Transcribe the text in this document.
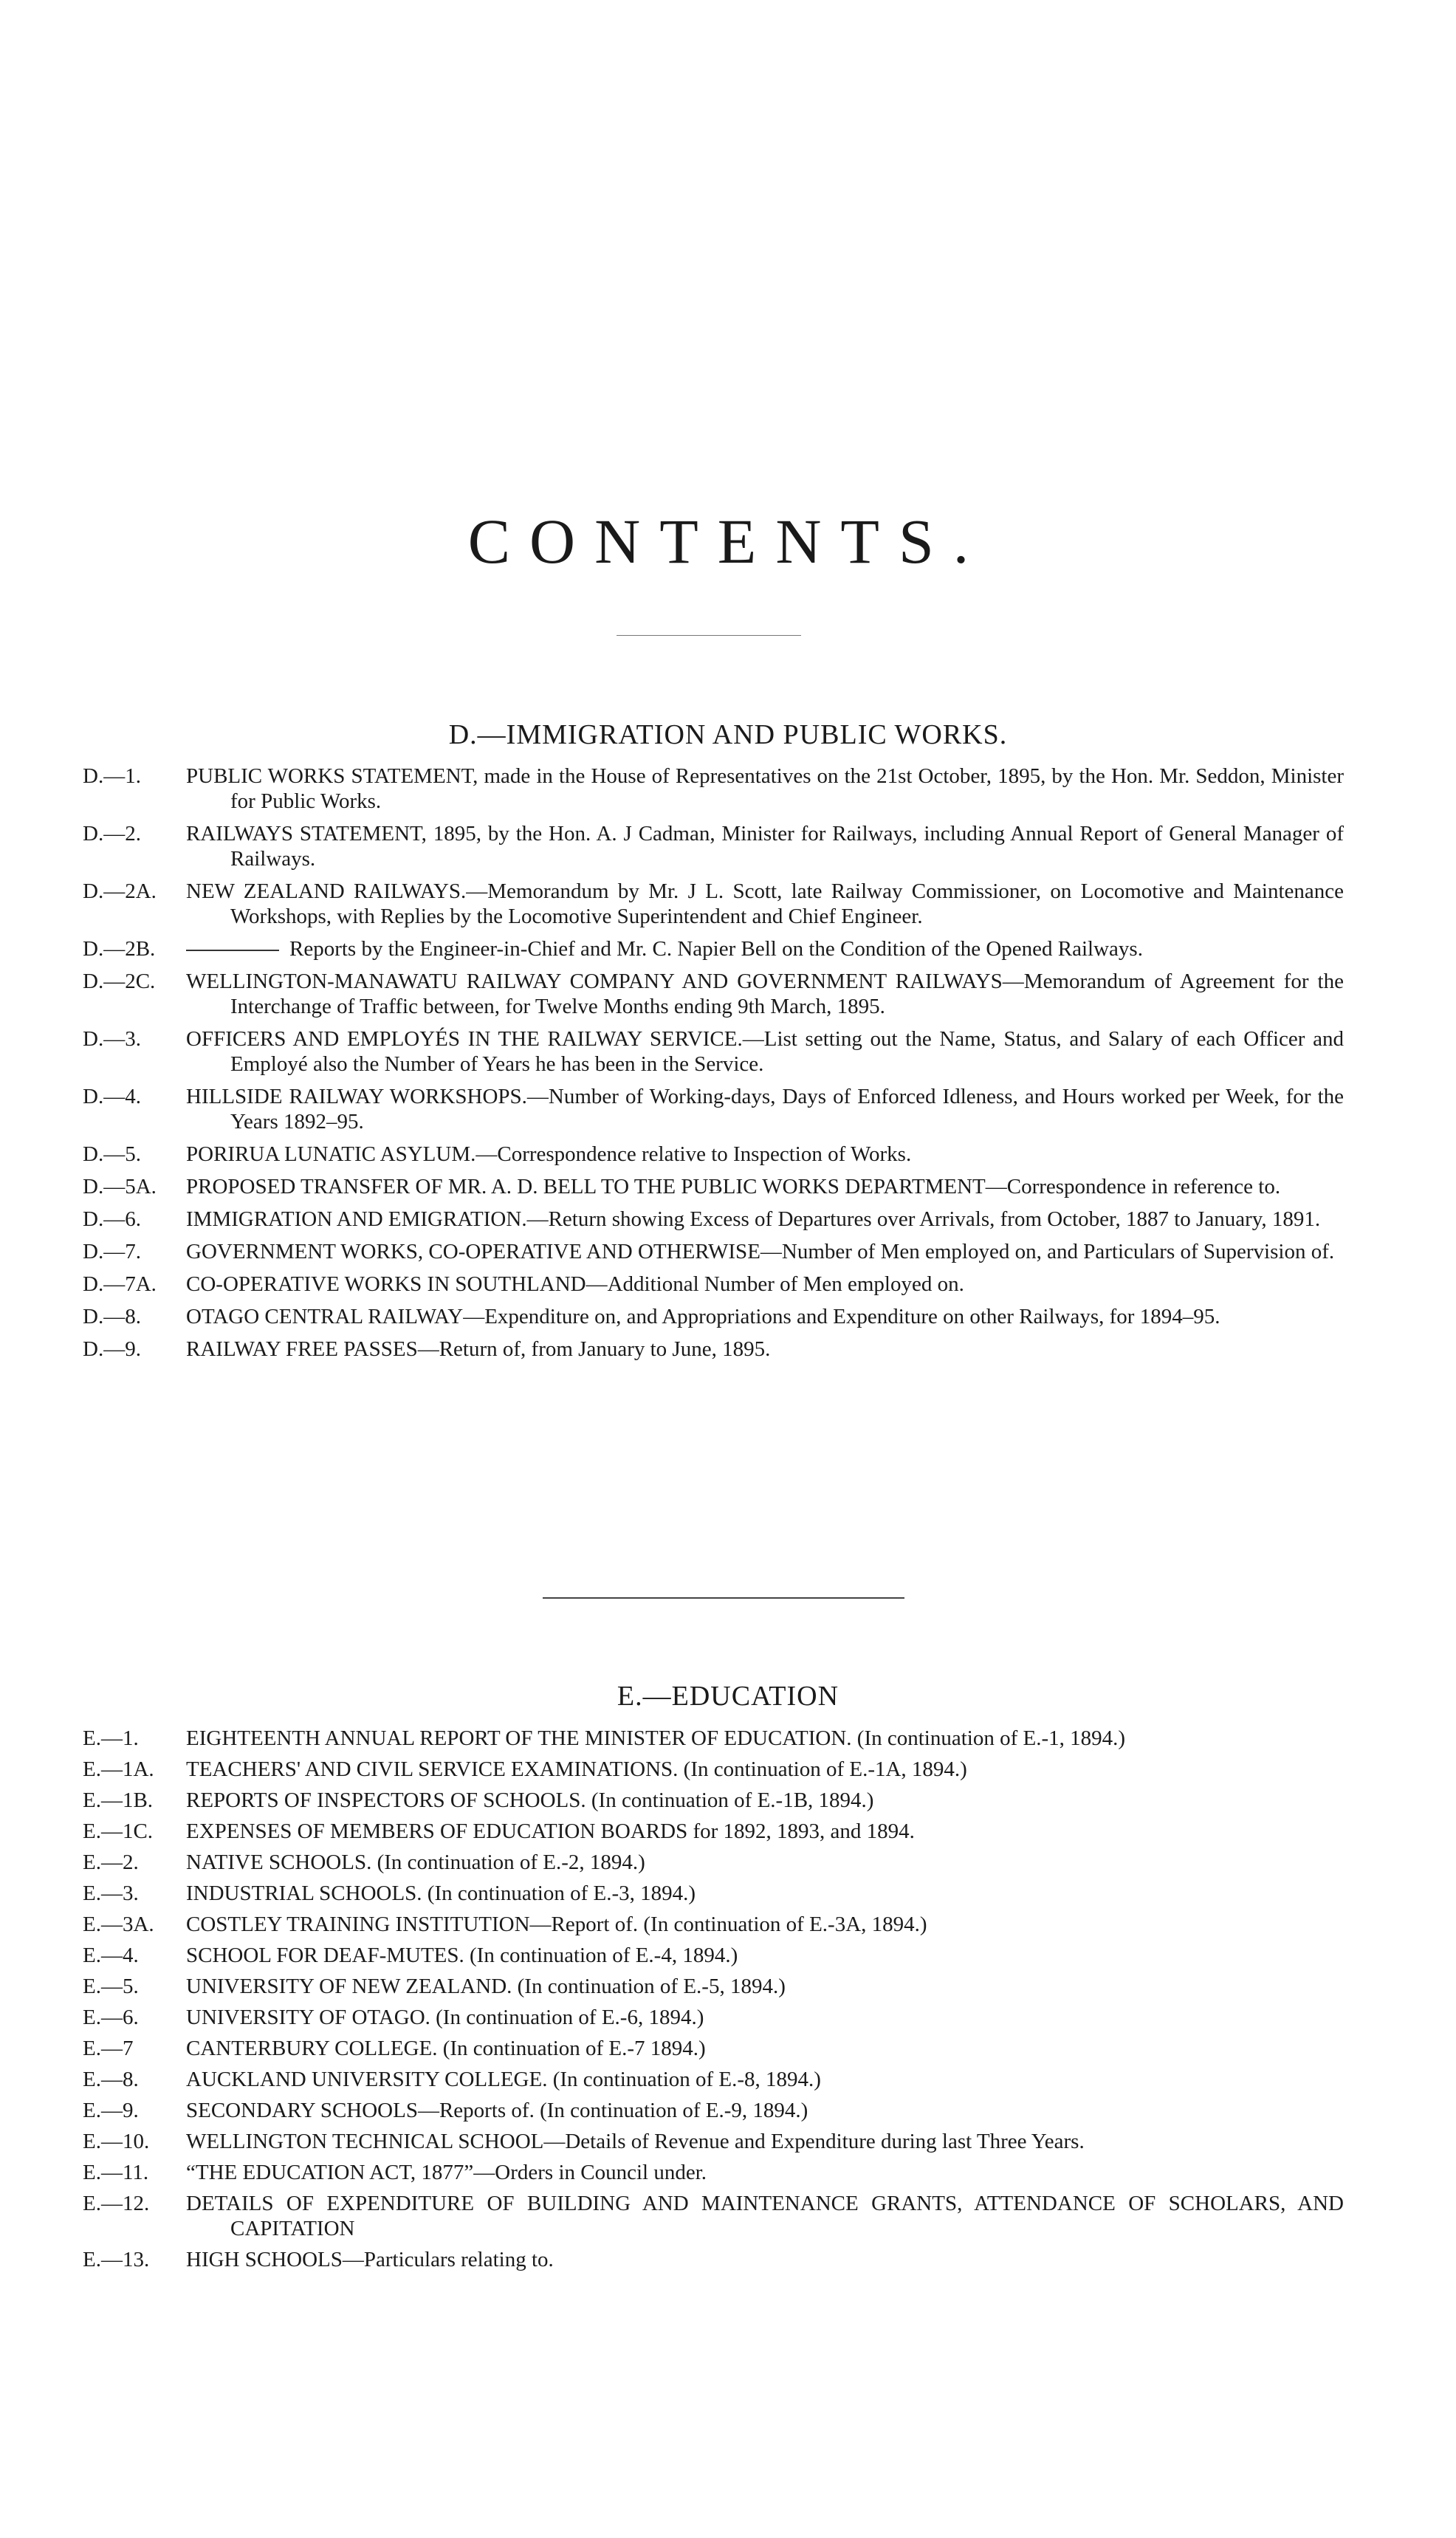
CONTENTS.
D.—IMMIGRATION AND PUBLIC WORKS.
D.—1.	PUBLIC WORKS STATEMENT, made in the House of Representatives on the 21st October, 1895, by the Hon. Mr. Seddon, Minister for Public Works.
D.—2.	RAILWAYS STATEMENT, 1895, by the Hon. A. J Cadman, Minister for Railways, including Annual Report of General Manager of Railways.
D.—2A.	NEW ZEALAND RAILWAYS.—Memorandum by Mr. J L. Scott, late Railway Commissioner, on Locomotive and Maintenance Workshops, with Replies by the Locomotive Superintendent and Chief Engineer.
D.—2B.	Reports by the Engineer-in-Chief and Mr. C. Napier Bell on the Condition of the Opened Railways.
D.—2C.	WELLINGTON-MANAWATU RAILWAY COMPANY AND GOVERNMENT RAILWAYS—Memorandum of Agreement for the Interchange of Traffic between, for Twelve Months ending 9th March, 1895.
D.—3.	OFFICERS AND EMPLOYÉS IN THE RAILWAY SERVICE.—List setting out the Name, Status, and Salary of each Officer and Employé also the Number of Years he has been in the Service.
D.—4.	HILLSIDE RAILWAY WORKSHOPS.—Number of Working-days, Days of Enforced Idleness, and Hours worked per Week, for the Years 1892–95.
D.—5.	PORIRUA LUNATIC ASYLUM.—Correspondence relative to Inspection of Works.
D.—5A.	PROPOSED TRANSFER OF MR. A. D. BELL TO THE PUBLIC WORKS DEPARTMENT—Correspondence in reference to.
D.—6.	IMMIGRATION AND EMIGRATION.—Return showing Excess of Departures over Arrivals, from October, 1887 to January, 1891.
D.—7.	GOVERNMENT WORKS, CO-OPERATIVE AND OTHERWISE—Number of Men employed on, and Particulars of Supervision of.
D.—7A.	CO-OPERATIVE WORKS IN SOUTHLAND—Additional Number of Men employed on.
D.—8.	OTAGO CENTRAL RAILWAY—Expenditure on, and Appropriations and Expenditure on other Railways, for 1894–95.
D.—9.	RAILWAY FREE PASSES—Return of, from January to June, 1895.
E.—EDUCATION
E.—1.	EIGHTEENTH ANNUAL REPORT OF THE MINISTER OF EDUCATION. (In continuation of E.-1, 1894.)
E.—1A.	TEACHERS' AND CIVIL SERVICE EXAMINATIONS. (In continuation of E.-1A, 1894.)
E.—1B.	REPORTS OF INSPECTORS OF SCHOOLS. (In continuation of E.-1B, 1894.)
E.—1C.	EXPENSES OF MEMBERS OF EDUCATION BOARDS for 1892, 1893, and 1894.
E.—2.	NATIVE SCHOOLS. (In continuation of E.-2, 1894.)
E.—3.	INDUSTRIAL SCHOOLS. (In continuation of E.-3, 1894.)
E.—3A.	COSTLEY TRAINING INSTITUTION—Report of. (In continuation of E.-3A, 1894.)
E.—4.	SCHOOL FOR DEAF-MUTES. (In continuation of E.-4, 1894.)
E.—5.	UNIVERSITY OF NEW ZEALAND. (In continuation of E.-5, 1894.)
E.—6.	UNIVERSITY OF OTAGO. (In continuation of E.-6, 1894.)
E.—7	CANTERBURY COLLEGE. (In continuation of E.-7 1894.)
E.—8.	AUCKLAND UNIVERSITY COLLEGE. (In continuation of E.-8, 1894.)
E.—9.	SECONDARY SCHOOLS—Reports of. (In continuation of E.-9, 1894.)
E.—10.	WELLINGTON TECHNICAL SCHOOL—Details of Revenue and Expenditure during last Three Years.
E.—11.	“THE EDUCATION ACT, 1877”—Orders in Council under.
E.—12.	DETAILS OF EXPENDITURE OF BUILDING AND MAINTENANCE GRANTS, ATTENDANCE OF SCHOLARS, AND CAPITATION
E.—13.	HIGH SCHOOLS—Particulars relating to.
